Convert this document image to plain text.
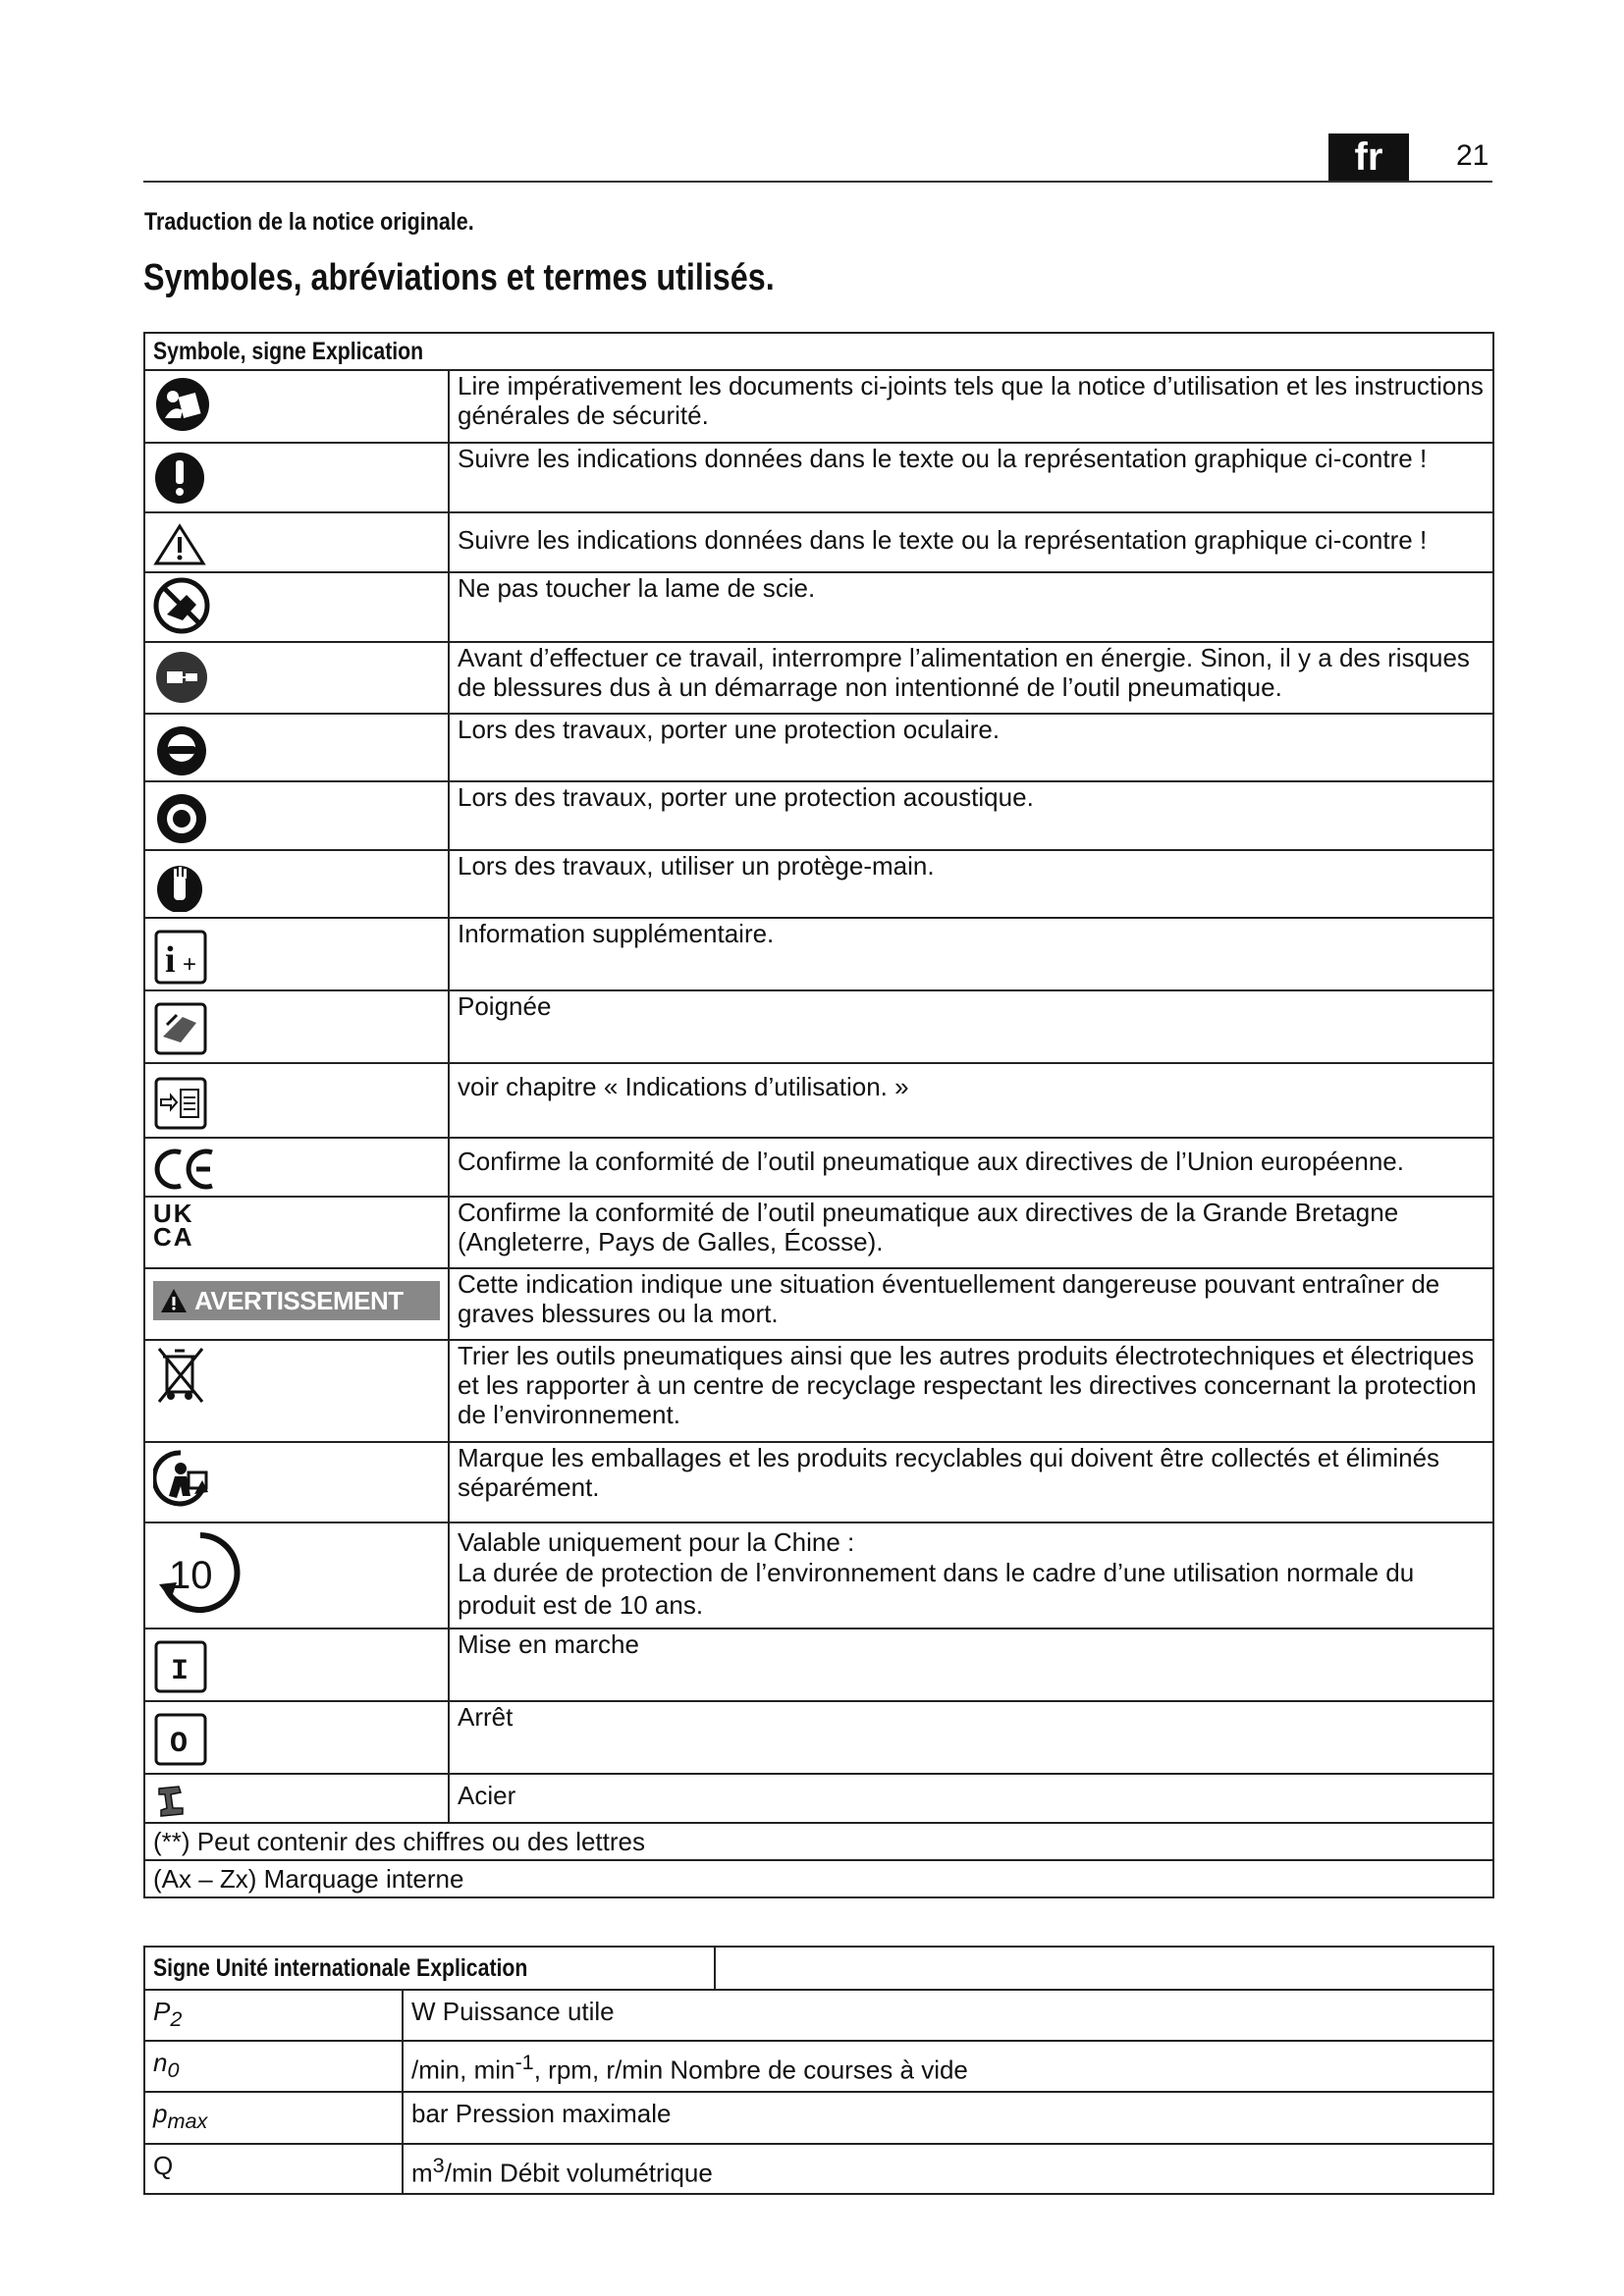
fr	21
Traduction de la notice originale.
Symboles, abréviations et termes utilisés.
Symbole, signe Explication	

	Lire impérativement les documents ci-joints tels que la notice d’utilisation et les instructions générales de sécurité.

	Suivre les indications données dans le texte ou la représentation graphique ci-contre !

	Suivre les indications données dans le texte ou la représentation graphique ci-contre !

	Ne pas toucher la lame de scie.

	Avant d’effectuer ce travail, interrompre l’alimentation en énergie. Sinon, il y a des risques de blessures dus à un démarrage non intentionné de l’outil pneumatique.

	Lors des travaux, porter une protection oculaire.

	Lors des travaux, porter une protection acoustique.

	Lors des travaux, utiliser un protège-main.

i +	Information supplémentaire.

	Poignée

	voir chapitre « Indications d’utilisation. »

	Confirme la conformité de l’outil pneumatique aux directives de l’Union européenne.

UK CA	Confirme la conformité de l’outil pneumatique aux directives de la Grande Bretagne (Angleterre, Pays de Galles, Écosse).

AVERTISSEMENT	Cette indication indique une situation éventuellement dangereuse pouvant entraîner de graves blessures ou la mort.

	Trier les outils pneumatiques ainsi que les autres produits électrotechniques et électriques et les rapporter à un centre de recyclage respectant les directives concernant la protection de l’environnement.

	Marque les emballages et les produits recyclables qui doivent être collectés et éliminés séparément.

10	Valable uniquement pour la Chine :
La durée de protection de l’environnement dans le cadre d’une utilisation normale du produit est de 10 ans.

I	Mise en marche

O	Arrêt

	Acier
(**) Peut contenir des chiffres ou des lettres	
(Ax – Zx) Marquage interne	
Signe Unité internationale Explication		
$P_2$	W Puissance utile	
$n_0$	/min, $\min^{-1}$, rpm, r/min Nombre de courses à vide	
$p_{max}$	bar Pression maximale	
Q	$m^3/\min$ Débit volumétrique	
